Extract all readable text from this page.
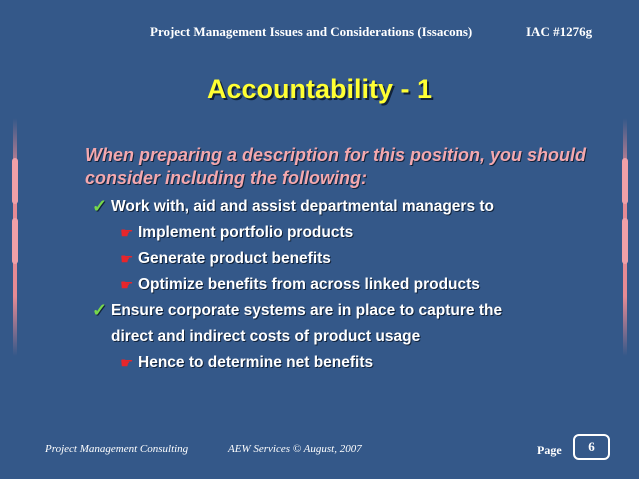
Project Management Issues and Considerations (Issacons)	IAC #1276g
Accountability - 1
When preparing a description for this position, you should consider including the following:
✓ Work with, aid and assist departmental managers to
☛ Implement portfolio products
☛ Generate product benefits
☛ Optimize benefits from across linked products
✓ Ensure corporate systems are in place to capture the
direct and indirect costs of product usage
☛ Hence to determine net benefits
Project Management Consulting	AEW Services © August, 2007	Page	6
